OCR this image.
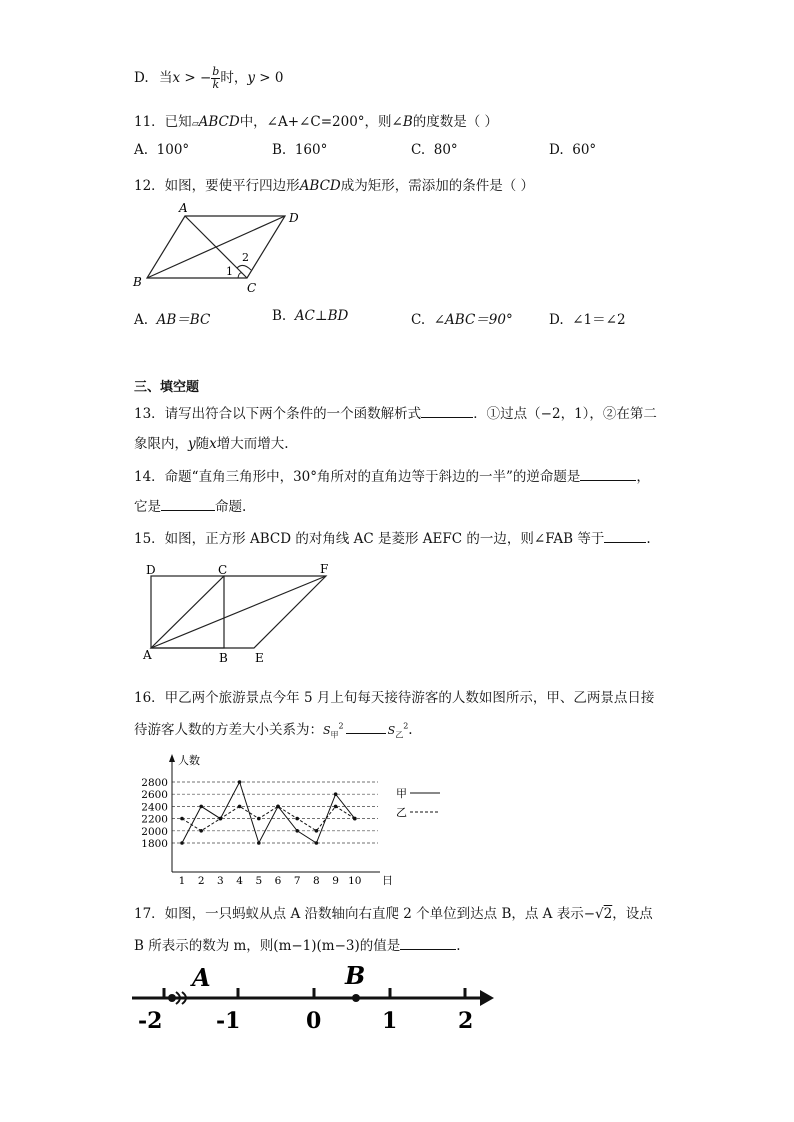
D. 当x > − $\frac{b}{k}$ 时，y > 0
11．已知▱ABCD中，∠A+∠C=200°，则∠B的度数是（ ）
A. 100°	B. 160°	C. 80°	D. 60°
12．如图，要使平行四边形ABCD成为矩形，需添加的条件是（ ）
A
D
B	C
1
2
A. AB＝BC	B. AC⊥BD	C. ∠ABC＝90°	D. ∠1＝∠2
三、填空题
13．请写出符合以下两个条件的一个函数解析式	．①过点（−2，1），②在第二
象限内，y随x增大而增大.
14．命题“直角三角形中，30°角所对的直角边等于斜边的一半”的逆命题是	，
它是	命题.
15．如图，正方形 ABCD 的对角线 AC 是菱形 AEFC 的一边，则∠FAB 等于	.
D	C	F
A	B E
16．甲乙两个旅游景点今年 5 月上旬每天接待游客的人数如图所示，甲、乙两景点日接
待游客人数的方差大小关系为：$S_甲^2$	$S_乙^2$.
人数
1800
2000
2200
2400
2600
2800
日
1 2 3 4 5 6 7 8 9 10
甲
乙
17．如图，一只蚂蚁从点 A 沿数轴向右直爬 2 个单位到达点 B，点 A 表示−√2，设点
B 所表示的数为 m，则(m−1)(m−3)的值是	.
A	B
-2 -1	0	1	2
